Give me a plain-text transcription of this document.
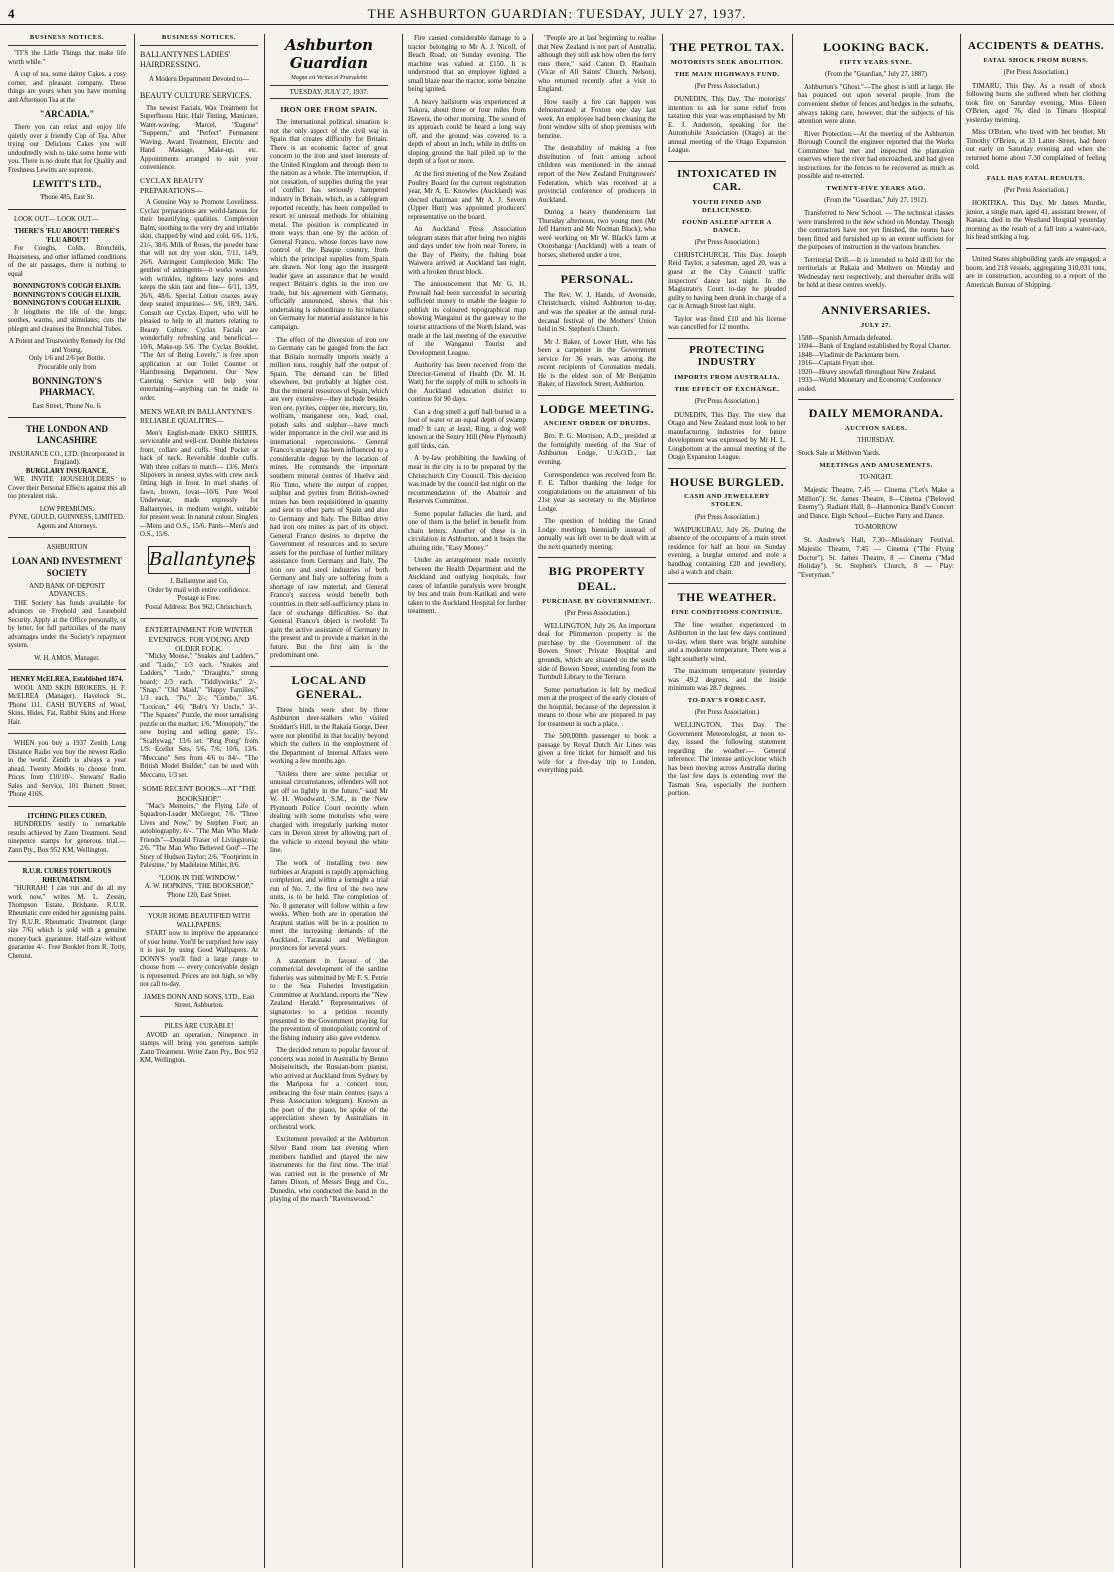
4	THE ASHBURTON GUARDIAN: TUESDAY, JULY 27, 1937.
BUSINESS NOTICES.

"IT'S the Little Things that make life worth while."

A cup of tea, some dainty Cakes, a cosy corner, and pleasant company. These things are yours when you have morning and Afternoon Tea at the

"ARCADIA."

There you can relax and enjoy life quietly over a friendly Cup of Tea. After trying our Delicious Cakes you will undoubtedly wish to take some home with you. There is no doubt that for Quality and Freshness Lewitts are supreme.

LEWITT'S LTD.,
'Phone 485, East St.

LOOK OUT— LOOK OUT—

THERE'S 'FLU ABOUT! THERE'S 'FLU ABOUT!

For Coughs, Colds, Bronchitis, Hoarseness, and other inflamed conditions of the air passages, there is nothing to equal

BONNINGTON'S COUGH ELIXIR. BONNINGTON'S COUGH ELIXIR. BONNINGTON'S COUGH ELIXIR.

It lengthens the life of the lungs; soothes, warms, and stimulates; cuts the phlegm and cleanses the Bronchial Tubes.

A Potent and Trustworthy Remedy for Old and Young.
Only 1/6 and 2/6 per Bottle.
Procurable only from
BONNINGTON'S PHARMACY.
East Street, 'Phone No. 6.
THE LONDON AND LANCASHIRE
INSURANCE CO., LTD. (Incorporated in England).
BURGLARY INSURANCE.

WE INVITE HOUSEHOLDERS to Cover their Personal Effects against this all too prevalent risk.

LOW PREMIUMS.
PYNE, GOULD, GUINNESS, LIMITED. Agents and Attorneys.
ASHBURTON
LOAN AND INVESTMENT SOCIETY
AND BANK OF DEPOSIT
ADVANCES

THE Society has funds available for advances on Freehold and Leasehold Security. Apply at the Office personally, or by letter, for full particulars of the many advantages under the Society's repayment system.

W. H. AMOS, Manager.
HENRY McELREA, Established 1874.

WOOL AND SKIN BROKERS. H. F. McELREA (Manager). Havelock St., 'Phone 111. CASH BUYERS of Wool, Skins, Hides, Fat, Rabbit Skins and Horse Hair.

WHEN you buy a 1937 Zenith Long Distance Radio you buy the newest Radio in the world. Zenith is always a year ahead. Twenty Models to choose from. Prices from £10/10/-. Stewarts' Radio Sales and Service, 101 Burnett Street. 'Phone 416S.

ITCHING PILES CURED.

HUNDREDS testify to remarkable results achieved by Zann Treatment. Send ninepence stamps for generous trial.—Zann Pty., Box 952 KM, Wellington.

R.U.R. CURES TORTUROUS RHEUMATISM.

"HURRAH! I can run and do all my work now," writes M. L. Zessin, Thompson Estate, Brisbane. R.U.R. Rheumatic cure ended her agonising pains. Try R.U.R. Rheumatic Treatment (large size 7/6) which is sold with a genuine money-back guarantee. Half-size without guarantee 4/-. Free Booklet from R. Totty, Chemist.

BUSINESS NOTICES.
BALLANTYNES LADIES' HAIRDRESSING.
A Modern Department Devoted to—
BEAUTY CULTURE SERVICES.

The newest Facials, Wax Treatment for Superfluous Hair, Hair Tinting, Manicure, Water-waving, Marcel, "Eugene" "Supperm," and "Perfect" Permanent Waving. Award Treatment, Electric and Hand Massage, Make-up, etc. Appointments arranged to suit your convenience.

CYCLAX BEAUTY PREPARATIONS—

A Genuine Way to Promote Loveliness. Cyclax preparations are world-famous for their beautifying qualities. Complexion Balm, soothing to the very dry and irritable skin, chapped by wind and cold, 6/6, 11/6, 21/-, 38/6. Milk of Roses, the powder base that will not dry your skin, 7/11, 14/9, 26/6. Astringent Complexion Milk: The gentlest of astringents—it works wonders with wrinkles, tightens lazy pores and keeps the skin taut and fine— 6/11, 13/9, 26/6, 48/6. Special Lotion coaxes away deep seated impurities— 9/6, 18/9, 34/6. Consult our Cyclax Expert, who will be pleased to help in all matters relating to Beauty Culture. Cyclax Facials are wonderfully refreshing and beneficial— 10/6, Make-up 5/6. The Cyclax Booklet, "The Art of Being Lovely," is free upon application at our Toilet Counter or Hairdressing Department. Our New Catering Service will help your entertaining—anything can be made to order.

MEN'S WEAR IN BALLANTYNE'S RELIABLE QUALITIES—

Men's English-made EKKO SHIRTS, serviceable and well-cut. Double thickness front, collars and cuffs. Stud Pocket at back of neck. Reversible double cuffs. With three collars to match— 13/6. Men's Slipovers in newest styles with crew neck fitting high in front. In marl shades of fawn, brown, lovat—10/6. Pure Wool Underwear, made expressly for Ballantynes, in medium weight, suitable for present wear. In natural colour. Singlets—Mens and O.S., 15/6. Pants—Men's and O.S., 15/6.

Ballantynes
J. Ballantyne and Co.
Order by mail with entire confidence. Postage is Free.
Postal Address: Box 962, Christchurch.
ENTERTAINMENT FOR WINTER EVENINGS. FOR YOUNG AND OLDER FOLK.

"Micky Mouse," "Snakes and Ladders," and "Ludo," 1/3 each. "Snakes and Ladders," "Ludo," "Draughts," strong board; 2/3 each. "Tiddlywinks," 2/-. "Snap," "Old Maid," "Happy Families," 1/3 each. "Po," 2/-; "Combo," 3/6. "Lexicon," 4/6; "Bob's Yr Uncle," 3/-. "The Squares" Puzzle, the most tantalising puzzle on the market; 1/6. "Monopoly," the new buying and selling game; 15/-. "Scallywag," 13/6 set. "Ping Pong" from 1/9. Ecellet Sets, 5/6, 7/6, 10/6, 13/6. "Meccano" Sets from 4/6 to 84/-. "The British Model Builder," can be used with Meccano, 1/3 set.

SOME RECENT BOOKS—AT "THE BOOKSHOP."

"Mac's Memoirs," the Flying Life of Squadron-Leader McGregor, 7/6. "Three Lives and Now," by Stephen Foot; an autobiography; 6/-. "The Man Who Made Friends"—Donald Fraser of Livingstonia; 2/6. "The Man Who Believed God"—The Story of Hudson Taylor; 2/6. "Footprints in Palestine," by Madeleine Miller, 8/6.

"LOOK IN THE WINDOW."
A. W. HOPKINS, "THE BOOKSHOP,"
'Phone 120, East Street.
YOUR HOME BEAUTIFIED WITH WALLPAPERS.

START now to improve the appearance of your home. You'll be surprised how easy it is just by using Good Wallpapers. At DONN'S you'll find a large range to choose from — every conceivable design is represented. Prices are not high, so why not call to-day.

JAMES DONN AND SONS, LTD., East Street, Ashburton.
PILES ARE CURABLE!

AVOID an operation. Ninepence in stamps will bring you generous sample Zann Treatment. Write Zann Pty., Box 952 KM, Wellington.

Ashburton Guardian
Magna est Veritas et Praevalebit
TUESDAY, JULY 27, 1937.
IRON ORE FROM SPAIN.

The international political situation is not the only aspect of the civil war in Spain that creates difficulty for Britain. There is an economic factor of great concern to the iron and steel interests of the United Kingdom and through them to the nation as a whole. The interruption, if not cessation, of supplies during the year of conflict has seriously hampered industry in Britain, which, as a cablegram reported recently, has been compelled to resort to unusual methods for obtaining metal. The position is complicated in more ways than one by the action of General Franco, whose forces have now control of the Basque country, from which the principal supplies from Spain are drawn. Not long ago the insurgent leader gave an assurance that he would respect Britain's rights in the iron ore trade, but his agreement with Germany, officially announced, shows that his undertaking is subordinate to his reliance on Germany for material assistance in his campaign.

The effect of the diversion of iron ore to Germany can be gauged from the fact that Britain normally imports nearly a million tons, roughly half the output of Spain. The demand can be filled elsewhere, but probably at higher cost. But the mineral resources of Spain, which are very extensive—they include besides iron ore, pyrites, copper ore, mercury, tin, wolfram, manganese ore, lead, coal, potash salts and sulphur—have much wider importance in the civil war and its international repercussions. General Franco's strategy has been influenced to a considerable degree by the location of mines. He commands the important southern mineral centres of Huelva and Rio Tinto, where the output of copper, sulphur and pyrites from British-owned mines has been requisitioned in quantity and sent to other parts of Spain and also to Germany and Italy. The Bilbao drive had iron ore mines as part of its object. General Franco desires to deprive the Government of resources and to secure assets for the purchase of further military assistance from Germany and Italy. The iron ore and steel industries of both Germany and Italy are suffering from a shortage of raw material, and General Franco's success would benefit both countries in their self-sufficiency plans in face of exchange difficulties. So that General Franco's object is twofold: To gain the active assistance of Germany in the present and to provide a market in the future. But the first aim is the predominant one.

LOCAL AND GENERAL.

Three hinds were shot by three Ashburton deer-stalkers who visited Stoddart's Hill, in the Rakaia Gorge. Deer were not plentiful in that locality beyond which the cullers in the employment of the Department of Internal Affairs were working a few months ago.

"Unless there are some peculiar or unusual circumstances, offenders will not get off so lightly in the future," said Mr W. H. Woodward, S.M., in the New Plymouth Police Court recently when dealing with some motorists who were charged with irregularly parking motor cars in Devon street by allowing part of the vehicle to extend beyond the white line.

The work of installing two new turbines at Arapuni is rapidly approaching completion, and within a fortnight a trial run of No. 7, the first of the two new units, is to be held. The completion of No. 8 generator will follow within a few weeks. When both are in operation the Arapuni station will be in a position to meet the increasing demands of the Auckland, Taranaki and Wellington provinces for several years.

A statement in favour of the commercial development of the sardine fisheries was submitted by Mr F. S. Petrie to the Sea Fisheries Investigation Committee at Auckland, reports the "New Zealand Herald." Representatives of signatories to a petition recently presented to the Government praying for the prevention of monopolistic control of the fishing industry also gave evidence.

The decided return to popular favour of concerts was noted in Australia by Benno Moiseiwitsch, the Russian-born pianist, who arrived at Auckland from Sydney by the Mariposa for a concert tour, embracing the four main centres (says a Press Association telegram). Known as the poet of the piano, he spoke of the appreciation shown by Australians in orchestral work.

Excitement prevailed at the Ashburton Silver Band room last evening when members handled and played the new instruments for the first time. The trial was carried out in the presence of Mr James Dixon, of Messrs Begg and Co., Dunedin, who conducted the band in the playing of the march "Ravenswood."

Fire caused considerable damage to a tractor belonging to Mr A. J. Nicoll, of Beach Road, on Sunday evening. The machine was valued at £150. It is understood that an employee lighted a small blaze near the tractor, some benzine being ignited.

A heavy hailstorm was experienced at Tokora, about three or four miles from Hawera, the other morning. The sound of its approach could be heard a long way off, and the ground was covered to a depth of about an inch, while in drifts on sloping ground the hail piled up to the depth of a foot or more.

At the first meeting of the New Zealand Poultry Board for the current registration year, Mr A. E. Knowles (Auckland) was elected chairman and Mr A. J. Severn (Upper Hutt) was appointed producers' representative on the board.

An Auckland Press Association telegram states that after being two nights and days under tow from near Torere, in the Bay of Plenty, the fishing boat Waiwera arrived at Auckland last night, with a broken thrust block.

The announcement that Mr G. H. Pownall had been successful in securing sufficient money to enable the league to publish its coloured topographical map showing Wanganui as the gateway to the tourist attractions of the North Island, was made at the last meeting of the executive of the Wanganui Tourist and Development League.

Authority has been received from the Director-General of Health (Dr. M. H. Watt) for the supply of milk to schools in the Auckland education district to continue for 90 days.

Can a dog smell a golf ball buried in a foot of water or an equal depth of swamp mud? It can; at least, Ring, a dog well known at the Sentry Hill (New Plymouth) golf links, can.

A by-law prohibiting the hawking of meat in the city is to be prepared by the Christchurch City Council. This decision was made by the council last night on the recommendation of the Abattoir and Reserves Committee.

Some popular fallacies die hard, and one of them is the belief in benefit from chain letters. Another of these is in circulation in Ashburton, and it bears the alluring title, "Easy Money."

Under an arrangement made recently between the Health Department and the Auckland and outlying hospitals, four cases of infantile paralysis were brought by bus and train from Katikati and were taken to the Auckland Hospital for further treatment.

"People are at last beginning to realise that New Zealand is not part of Australia, although they still ask how often the ferry runs there," said Canon D. Haultain (Vicar of All Saints' Church, Nelson), who returned recently after a visit to England.

How easily a fire can happen was demonstrated at Foxton one day last week. An employee had been cleaning the front window sills of shop premises with benzine.

The desirability of making a free distribution of fruit among school children was mentioned in the annual report of the New Zealand Fruitgrowers' Federation, which was received at a provincial conference of producers in Auckland.

During a heavy thunderstorm last Thursday afternoon, two young men (Mr Jeff Harnett and Mr Norman Black), who were working on Mr W. Black's farm at Otorohanga (Auckland) with a team of horses, sheltered under a tree.

PERSONAL.

The Rev. W. J. Hands, of Avonside, Christchurch, visited Ashburton to-day, and was the speaker at the annual rural-decanal festival of the Mothers' Union held in St. Stephen's Church.

Mr J. Baker, of Lower Hutt, who has been a carpenter in the Government service for 36 years, was among the recent recipients of Coronation medals. He is the eldest son of Mr Benjamin Baker, of Havelock Street, Ashburton.

LODGE MEETING.
ANCIENT ORDER OF DRUIDS.

Bro. P. G. Morrison, A.D., presided at the fortnightly meeting of the Star of Ashburton Lodge, U.A.O.D., last evening.

Correspondence was received from Br. F. E. Talbot thanking the lodge for congratulations on the attainment of his 21st year as secretary to the Mistletoe Lodge.

The question of holding the Grand Lodge meetings biennially instead of annually was left over to be dealt with at the next quarterly meeting.

BIG PROPERTY DEAL.
PURCHASE BY GOVERNMENT.
(Per Press Association.)

WELLINGTON, July 26. An important deal for Plimmerton property is the purchase by the Government of the Bowen Street Private Hospital and grounds, which are situated on the south side of Bowen Street, extending from the Turnbull Library to the Terrace.

Some perturbation is felt by medical men at the prospect of the early closure of the hospital, because of the depression it means to those who are prepared to pay for treatment in such a place.

The 500,000th passenger to book a passage by Royal Dutch Air Lines was given a free ticket for himself and his wife for a five-day trip to London, everything paid.

THE PETROL TAX.
MOTORISTS SEEK ABOLITION.
THE MAIN HIGHWAYS FUND.
(Per Press Association.)

DUNEDIN, This Day. The motorists' intention to ask for some relief from taxation this year was emphasised by Mr E. J. Anderson, speaking for the Automobile Association (Otago) at the annual meeting of the Otago Expansion League.

INTOXICATED IN CAR.
YOUTH FINED AND DELICENSED.
FOUND ASLEEP AFTER A DANCE.
(Per Press Association.)

CHRISTCHURCH, This Day. Joseph Reid Taylor, a salesman, aged 20, was a guest at the City Council traffic inspectors' dance last night. In the Magistrate's Court to-day he pleaded guilty to having been drunk in charge of a car in Armagh Street last night.

Taylor was fined £10 and his license was cancelled for 12 months.

PROTECTING INDUSTRY
IMPORTS FROM AUSTRALIA.
THE EFFECT OF EXCHANGE.
(Per Press Association.)

DUNEDIN, This Day. The view that Otago and New Zealand must look to her manufacturing industries for future development was expressed by Mr H. L. Longbottom at the annual meeting of the Otago Expansion League.

HOUSE BURGLED.
CASH AND JEWELLERY STOLEN.
(Per Press Association.)

WAIPUKURAU, July 26. During the absence of the occupants of a main street residence for half an hour on Sunday evening, a burglar entered and stole a handbag containing £20 and jewellery, also a watch and chain.

THE WEATHER.
FINE CONDITIONS CONTINUE.

The fine weather experienced in Ashburton in the last few days continued to-day, when there was bright sunshine and a moderate temperature. There was a light southerly wind.

The maximum temperature yesterday was 49.2 degrees, and the inside minimum was 28.7 degrees.

TO-DAY'S FORECAST.
(Per Press Association.)

WELLINGTON, This Day. The Government Meteorologist, at noon to-day, issued the following statement regarding the weather:— General inference: The intense anticyclone which has been moving across Australia during the last few days is extending over the Tasman Sea, especially the northern portion.

LOOKING BACK.
FIFTY YEARS SYNE.
(From the "Guardian," July 27, 1887)

Ashburton's "Ghost."—The ghost is still at large. He has pounced out upon several people from the convenient shelter of fences and hedges in the suburbs, always taking care, however, that the subjects of his attention were alone.

River Protection.—At the meeting of the Ashburton Borough Council the engineer reported that the Works Committee had met and inspected the plantation reserves where the river had encroached, and had given instructions for the fences to be recovered as much as possible and re-erected.

TWENTY-FIVE YEARS AGO.
(From the "Guardian," July 27, 1912).

Transferred to New School. — The technical classes were transferred to the new school on Monday. Though the contractors have not yet finished, the rooms have been fitted and furnished up to an extent sufficient for the purposes of instruction in the various branches.

Territorial Drill.—It is intended to hold drill for the territorials at Rakaia and Methven on Monday and Wednesday next respectively, and thereafter drills will be held at these centres weekly.

ANNIVERSARIES.
JULY 27.
1588—Spanish Armada defeated.
1694—Bank of England established by Royal Charter.
1848—Vladimir de Packmann born.
1916—Captain Fryatt shot.
1920—Heavy snowfall throughout New Zealand.
1933—World Monetary and Economic Conference ended.
DAILY MEMORANDA.
AUCTION SALES.
THURSDAY.
Stock Sale at Methven Yards.
MEETINGS AND AMUSEMENTS.
TO-NIGHT.

Majestic Theatre, 7.45 — Cinema ("Let's Make a Million"). St. James Theatre, 8—Cinema ("Beloved Enemy"). Radiant Hall, 8—Harmonica Band's Concert and Dance. Elgin School—Euchre Party and Dance.

TO-MORROW

St. Andrew's Hall, 7.30—Missionary Festival. Majestic Theatre, 7.45 — Cinema ("The Flying Doctor"). St. James Theatre, 8 — Cinema ("Mad Holiday"). St. Stephen's Church, 8 — Play: "Everyman."

ACCIDENTS & DEATHS.
FATAL SHOCK FROM BURNS.
(Per Press Association.)

TIMARU, This Day. As a result of shock following burns she suffered when her clothing took fire on Saturday evening, Miss Eileen O'Brien, aged 76, died in Timaru Hospital yesterday morning.

Miss O'Brien, who lived with her brother, Mr Timothy O'Brien, at 33 Latter Street, had been out early on Saturday evening and when she returned home about 7.30 complained of feeling cold.

FALL HAS FATAL RESULTS.
(Per Press Association.)

HOKITIKA, This Day. Mr James Murdie, junior, a single man, aged 41, assistant brewer, of Kanara, died in the Westland Hospital yesterday morning as the result of a fall into a water-race, his head striking a log.

United States shipbuilding yards are engaged, a boom, and 218 vessels, aggregating 310,031 tons, are in construction, according to a report of the American Bureau of Shipping.
